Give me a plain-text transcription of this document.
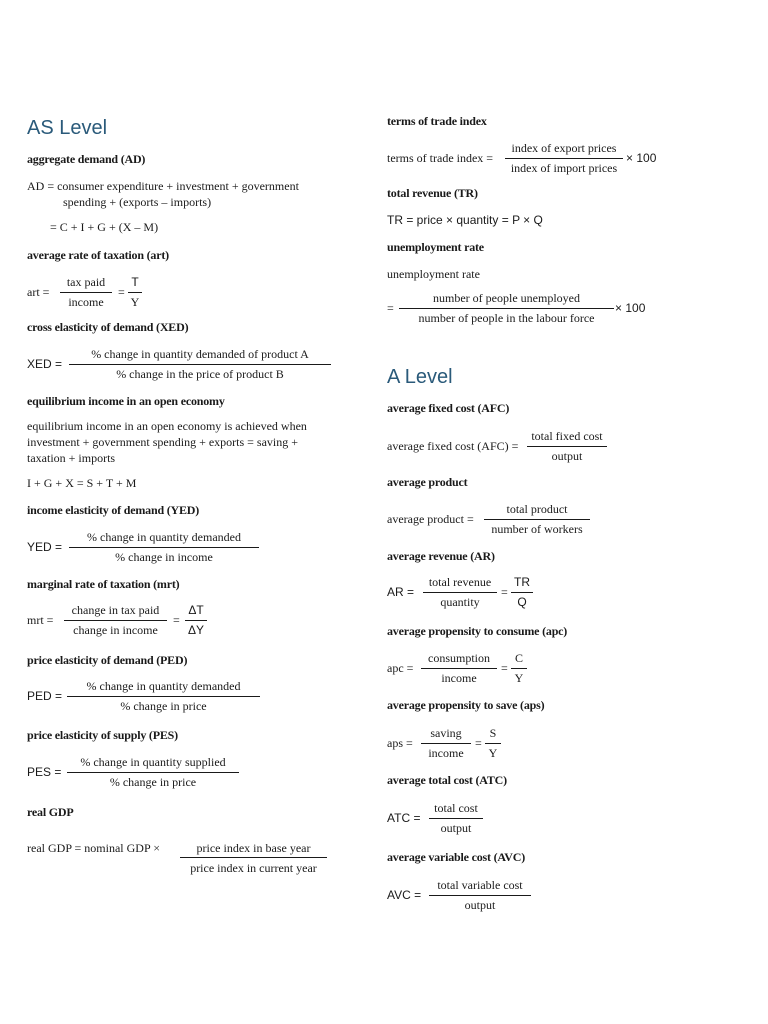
AS Level
aggregate demand (AD)
AD = consumer expenditure + investment + government
spending + (exports – imports)
= C + I + G + (X – M)
average rate of taxation (art)
art =
tax paid
income
=
T
Y
cross elasticity of demand (XED)
XED =
% change in quantity demanded of product A
% change in the price of product B
equilibrium income in an open economy
equilibrium income in an open economy is achieved when
investment + government spending + exports = saving +
taxation + imports
I + G + X = S + T + M
income elasticity of demand (YED)
YED =
% change in quantity demanded
% change in income
marginal rate of taxation (mrt)
mrt =
change in tax paid
change in income
=
ΔT
ΔY
price elasticity of demand (PED)
PED =
% change in quantity demanded
% change in price
price elasticity of supply (PES)
PES =
% change in quantity supplied
% change in price
real GDP
real GDP = nominal GDP ×	price index in base year
price index in current year
terms of trade index
terms of trade index =
index of export prices
index of import prices
× 100
total revenue (TR)
TR = price × quantity = P × Q
unemployment rate
unemployment rate
=
number of people unemployed
number of people in the labour force
× 100
A Level
average fixed cost (AFC)
average fixed cost (AFC) =
total fixed cost
output
average product
average product =
total product
number of workers
average revenue (AR)
AR =
total revenue
quantity
=
TR
Q
average propensity to consume (apc)
apc =
consumption
income
=
C
Y
average propensity to save (aps)
aps =
saving
income
=
S
Y
average total cost (ATC)
ATC =
total cost
output
average variable cost (AVC)
AVC =
total variable cost
output
